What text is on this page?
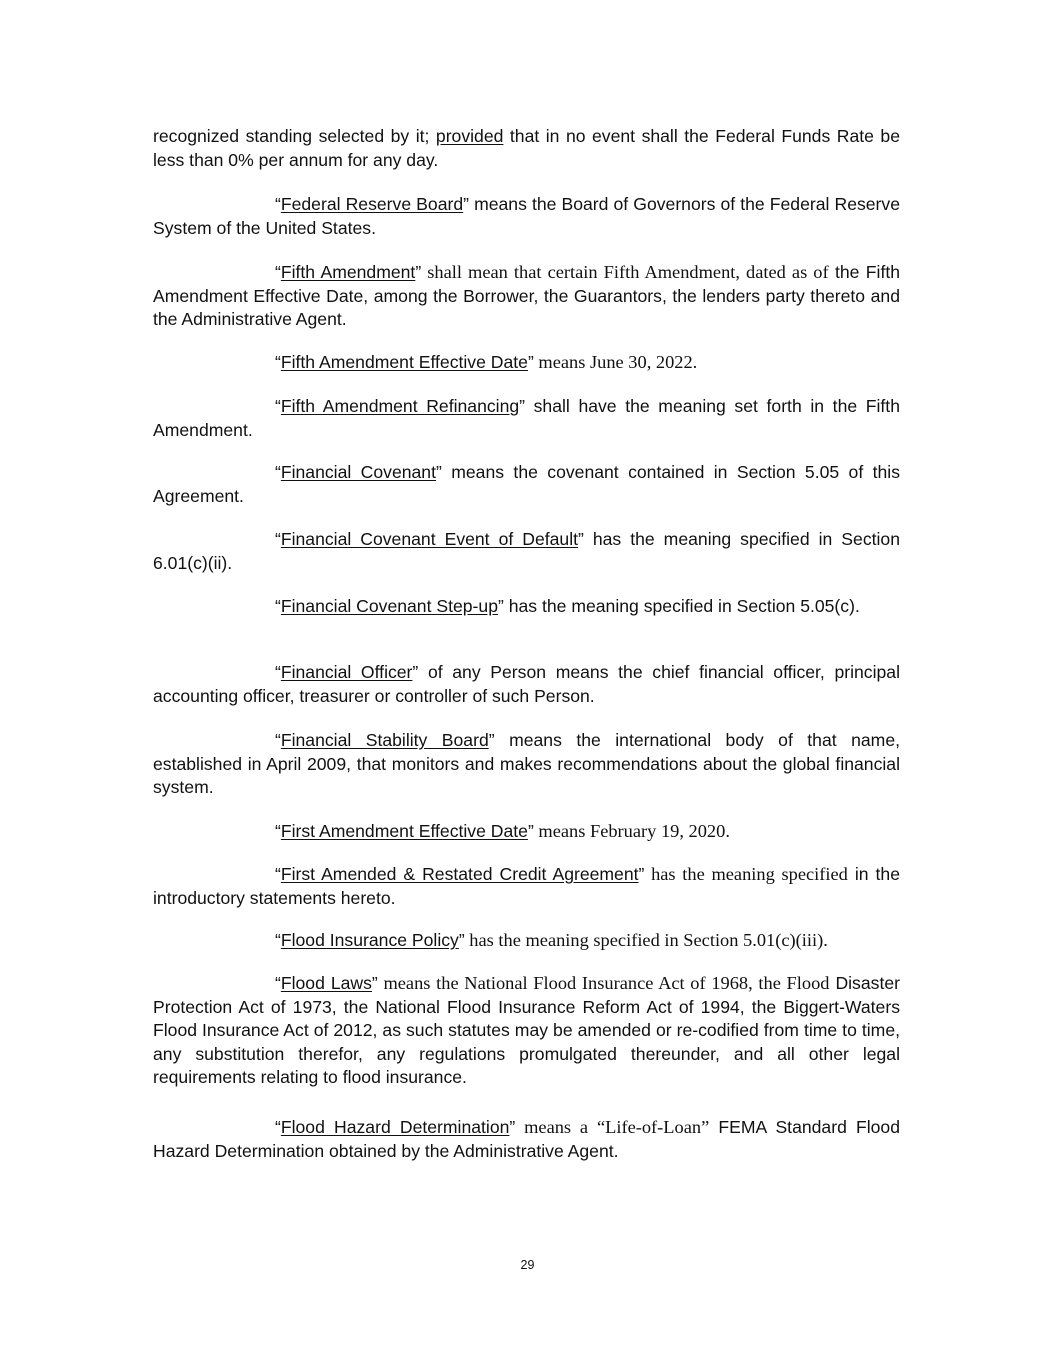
recognized standing selected by it; provided that in no event shall the Federal Funds Rate be less than 0% per annum for any day.

“Federal Reserve Board” means the Board of Governors of the Federal Reserve System of the United States.

“Fifth Amendment” shall mean that certain Fifth Amendment, dated as of the Fifth Amendment Effective Date, among the Borrower, the Guarantors, the lenders party thereto and the Administrative Agent.

“Fifth Amendment Effective Date” means June 30, 2022.

“Fifth Amendment Refinancing” shall have the meaning set forth in the Fifth Amendment.

“Financial Covenant” means the covenant contained in Section 5.05 of this Agreement.

“Financial Covenant Event of Default” has the meaning specified in Section 6.01(c)(ii).

“Financial Covenant Step-up” has the meaning specified in Section 5.05(c).

“Financial Officer” of any Person means the chief financial officer, principal accounting officer, treasurer or controller of such Person.

“Financial Stability Board” means the international body of that name, established in April 2009, that monitors and makes recommendations about the global financial system.

“First Amendment Effective Date” means February 19, 2020.

“First Amended & Restated Credit Agreement” has the meaning specified in the introductory statements hereto.

“Flood Insurance Policy” has the meaning specified in Section 5.01(c)(iii).

“Flood Laws” means the National Flood Insurance Act of 1968, the Flood Disaster Protection Act of 1973, the National Flood Insurance Reform Act of 1994, the Biggert-Waters Flood Insurance Act of 2012, as such statutes may be amended or re-codified from time to time, any substitution therefor, any regulations promulgated thereunder, and all other legal requirements relating to flood insurance.

“Flood Hazard Determination” means a “Life-of-Loan” FEMA Standard Flood Hazard Determination obtained by the Administrative Agent.

29
